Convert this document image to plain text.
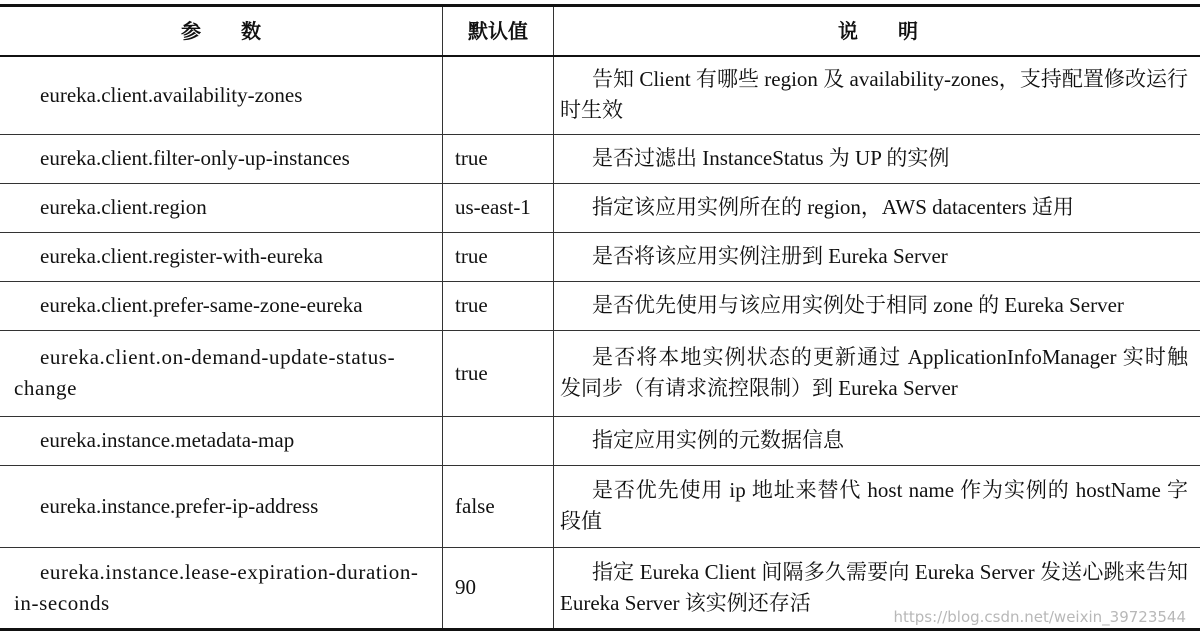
参　　数	默认值	说　　明
eureka.client.availability-zones		告知 Client 有哪些 region 及 availability-zones，支持配置修改运行时生效
eureka.client.filter-only-up-instances	true	是否过滤出 InstanceStatus 为 UP 的实例
eureka.client.region	us-east-1	指定该应用实例所在的 region，AWS datacenters 适用
eureka.client.register-with-eureka	true	是否将该应用实例注册到 Eureka Server
eureka.client.prefer-same-zone-eureka	true	是否优先使用与该应用实例处于相同 zone 的 Eureka Server
eureka.client.on-demand-update-status-change	true	是否将本地实例状态的更新通过 ApplicationInfoManager 实时触发同步（有请求流控限制）到 Eureka Server
eureka.instance.metadata-map		指定应用实例的元数据信息
eureka.instance.prefer-ip-address	false	是否优先使用 ip 地址来替代 host name 作为实例的 hostName 字段值
eureka.instance.lease-expiration-duration-in-seconds	90	指定 Eureka Client 间隔多久需要向 Eureka Server 发送心跳来告知 Eureka Server 该实例还存活
https://blog.csdn.net/weixin_39723544
